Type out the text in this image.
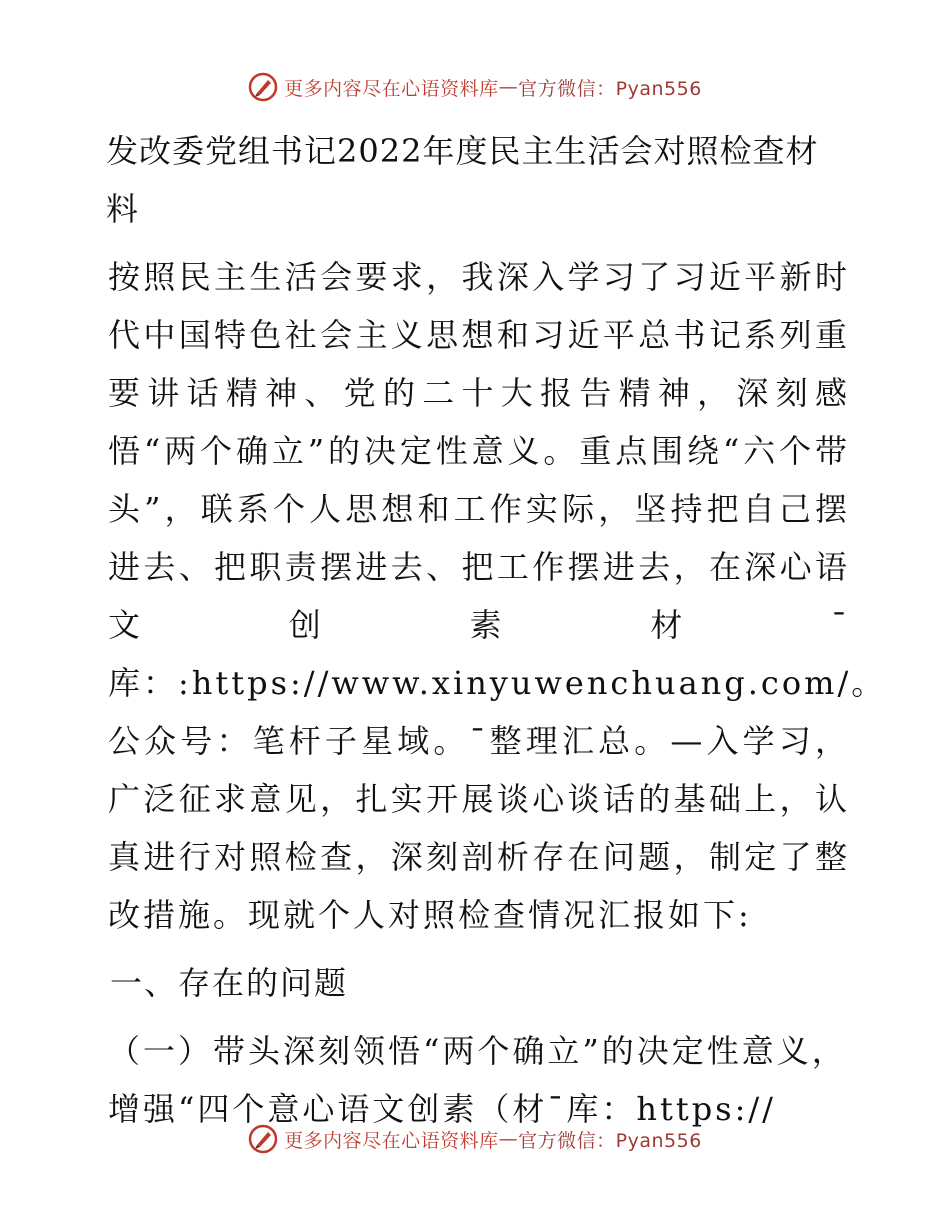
更多内容尽在心语资料库 — 官方微信：Pyan556
发改委党组书记2022年度民主生活会对照检查材料

按照民主生活会要求，我深入学习了习近平新时代中国特色社会主义思想和习近平总书记系列重要讲话精神、党的二十大报告精神，深刻感悟“两个确立”的决定性意义。重点围绕“六个带头”，联系个人思想和工作实际，坚持把自己摆进去、把职责摆进去、把工作摆进去，在深心语文创素材¯库：:https://www.xinyuwenchuang.com/。公众号：笔杆子星域。¯整理汇总。—入学习，广泛征求意见，扎实开展谈心谈话的基础上，认真进行对照检查，深刻剖析存在问题，制定了整改措施。现就个人对照检查情况汇报如下:

一、存在的问题

（一）带头深刻领悟“两个确立”的决定性意义，增强“四个意心语文创素（材¯库：https://

更多内容尽在心语资料库 — 官方微信：Pyan556
